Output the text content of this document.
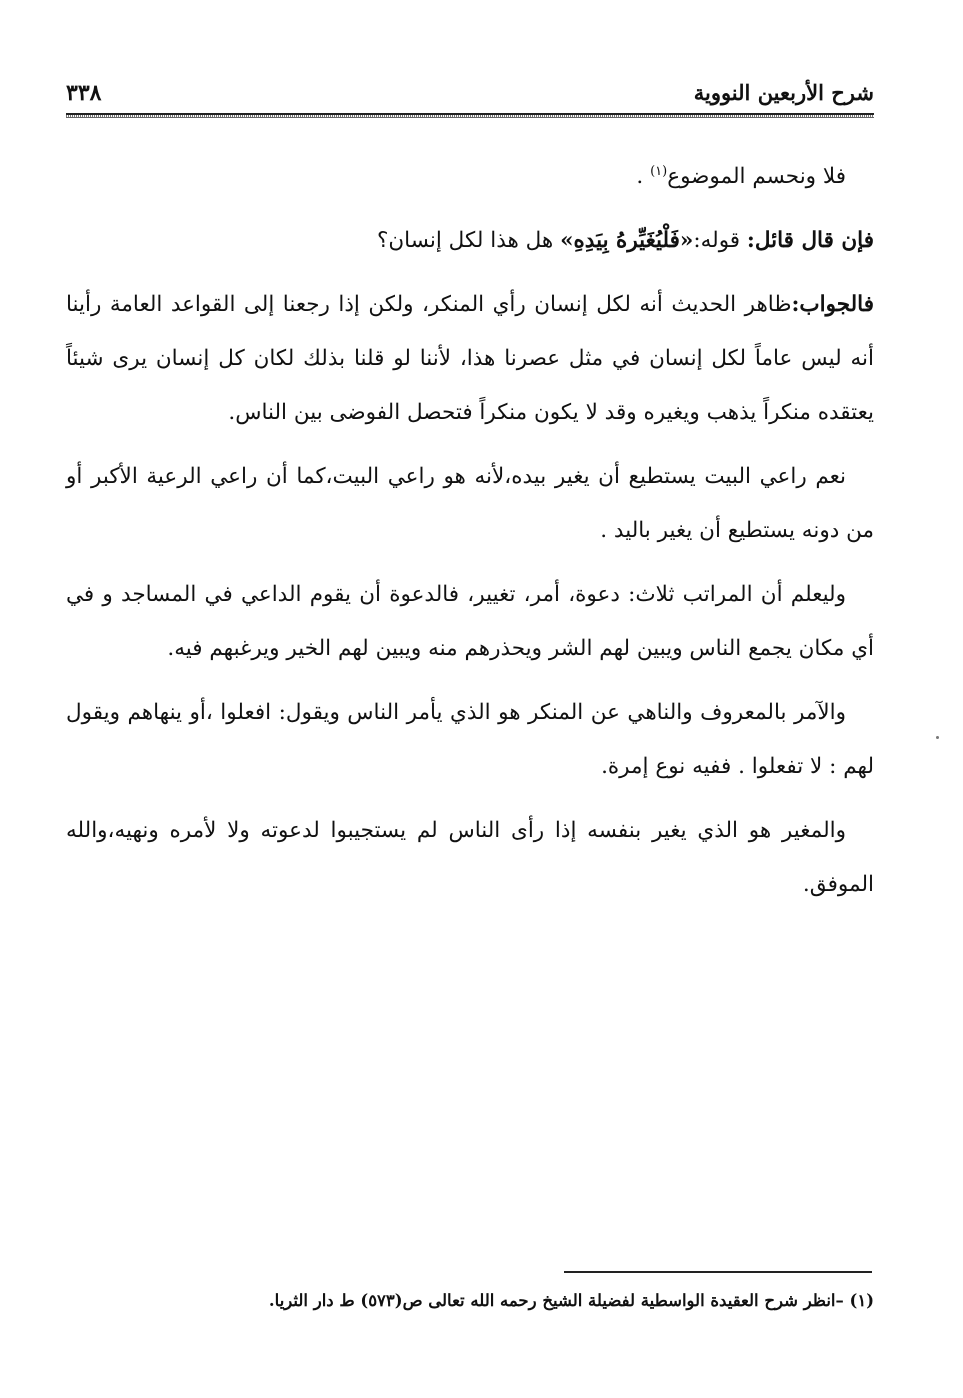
شرح الأربعين النووية
٣٣٨

فلا ونحسم الموضوع$^{(١)}$ .

فإن قال قائل: قوله:«فَلْيُغَيِّرهُ بِيَدِهِ» هل هذا لكل إنسان؟

فالجواب:ظاهر الحديث أنه لكل إنسان رأي المنكر، ولكن إذا رجعنا إلى القواعد العامة رأينا أنه ليس عاماً لكل إنسان في مثل عصرنا هذا، لأننا لو قلنا بذلك لكان كل إنسان يرى شيئاً يعتقده منكراً يذهب ويغيره وقد لا يكون منكراً فتحصل الفوضى بين الناس.

نعم راعي البيت يستطيع أن يغير بيده،لأنه هو راعي البيت،كما أن راعي الرعية الأكبر أو من دونه يستطيع أن يغير باليد .

وليعلم أن المراتب ثلاث: دعوة، أمر، تغيير، فالدعوة أن يقوم الداعي في المساجد و في أي مكان يجمع الناس ويبين لهم الشر ويحذرهم منه ويبين لهم الخير ويرغبهم فيه.

والآمر بالمعروف والناهي عن المنكر هو الذي يأمر الناس ويقول: افعلوا ،أو ينهاهم ويقول لهم : لا تفعلوا . ففيه نوع إمرة.

والمغير هو الذي يغير بنفسه إذا رأى الناس لم يستجيبوا لدعوته ولا لأمره ونهيه،والله الموفق.

(١) –انظر شرح العقيدة الواسطية لفضيلة الشيخ رحمه الله تعالى ص(٥٧٣) ط دار الثريا.
